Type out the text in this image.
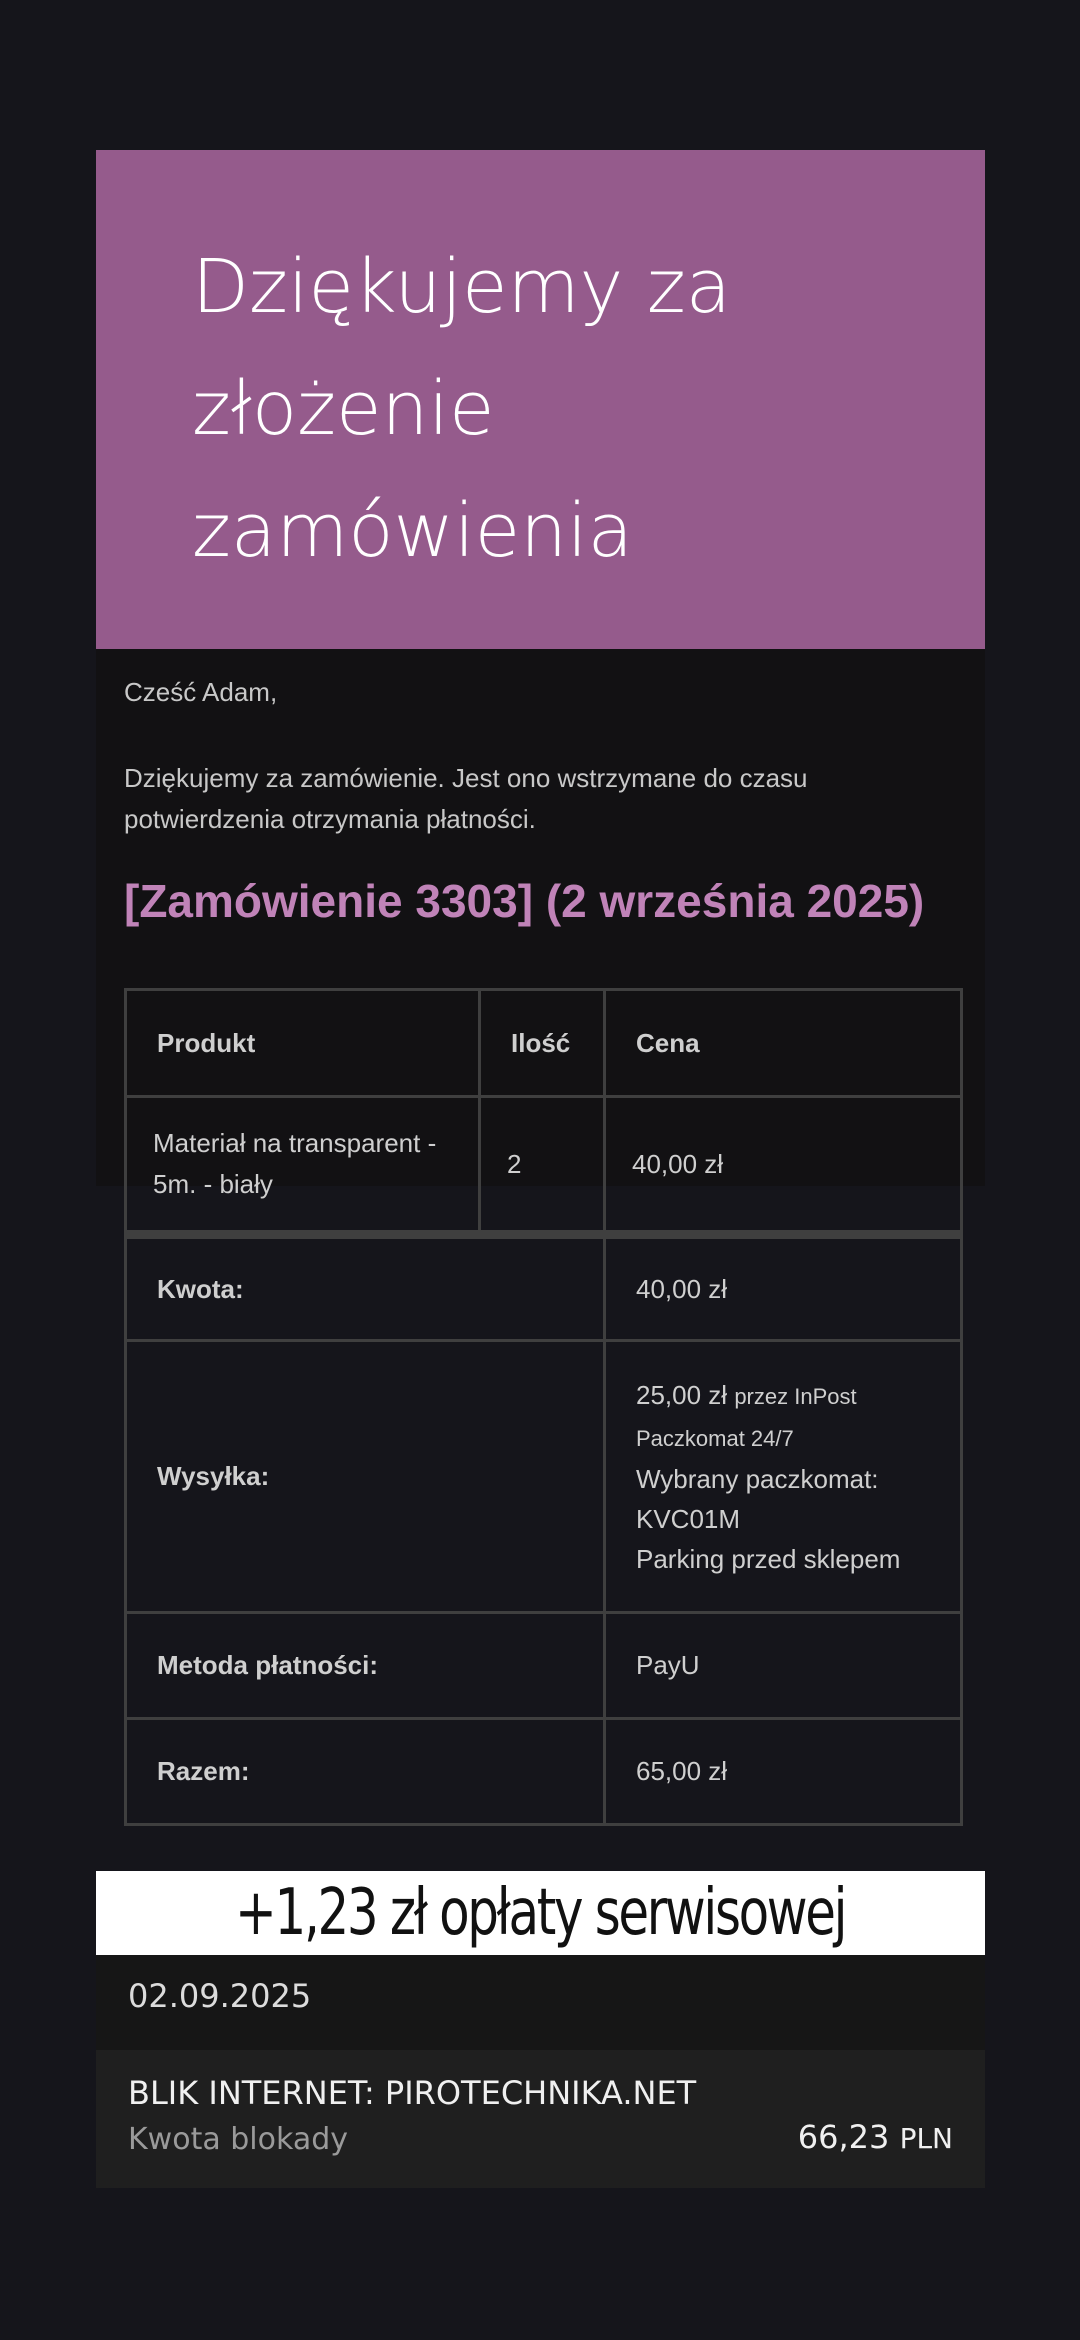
Dziękujemy za
złożenie
zamówienia

Cześć Adam,

Dziękujemy za zamówienie. Jest ono wstrzymane do czasu potwierdzenia otrzymania płatności.

[Zamówienie 3303] (2 września 2025)
Produkt	Ilość	Cena
Materiał na transparent - 5m. - biały	2	40,00 zł
Kwota:		40,00 zł
Wysyłka:		25,00 zł przez InPost Paczkomat 24/7
Wybrany paczkomat:
KVC01M
Parking przed sklepem

Metoda płatności:		PayU
Razem:		65,00 zł
+1,23 zł opłaty serwisowej

02.09.2025

BLIK INTERNET: PIROTECHNIKA.NET

Kwota blokady	66,23 PLN
